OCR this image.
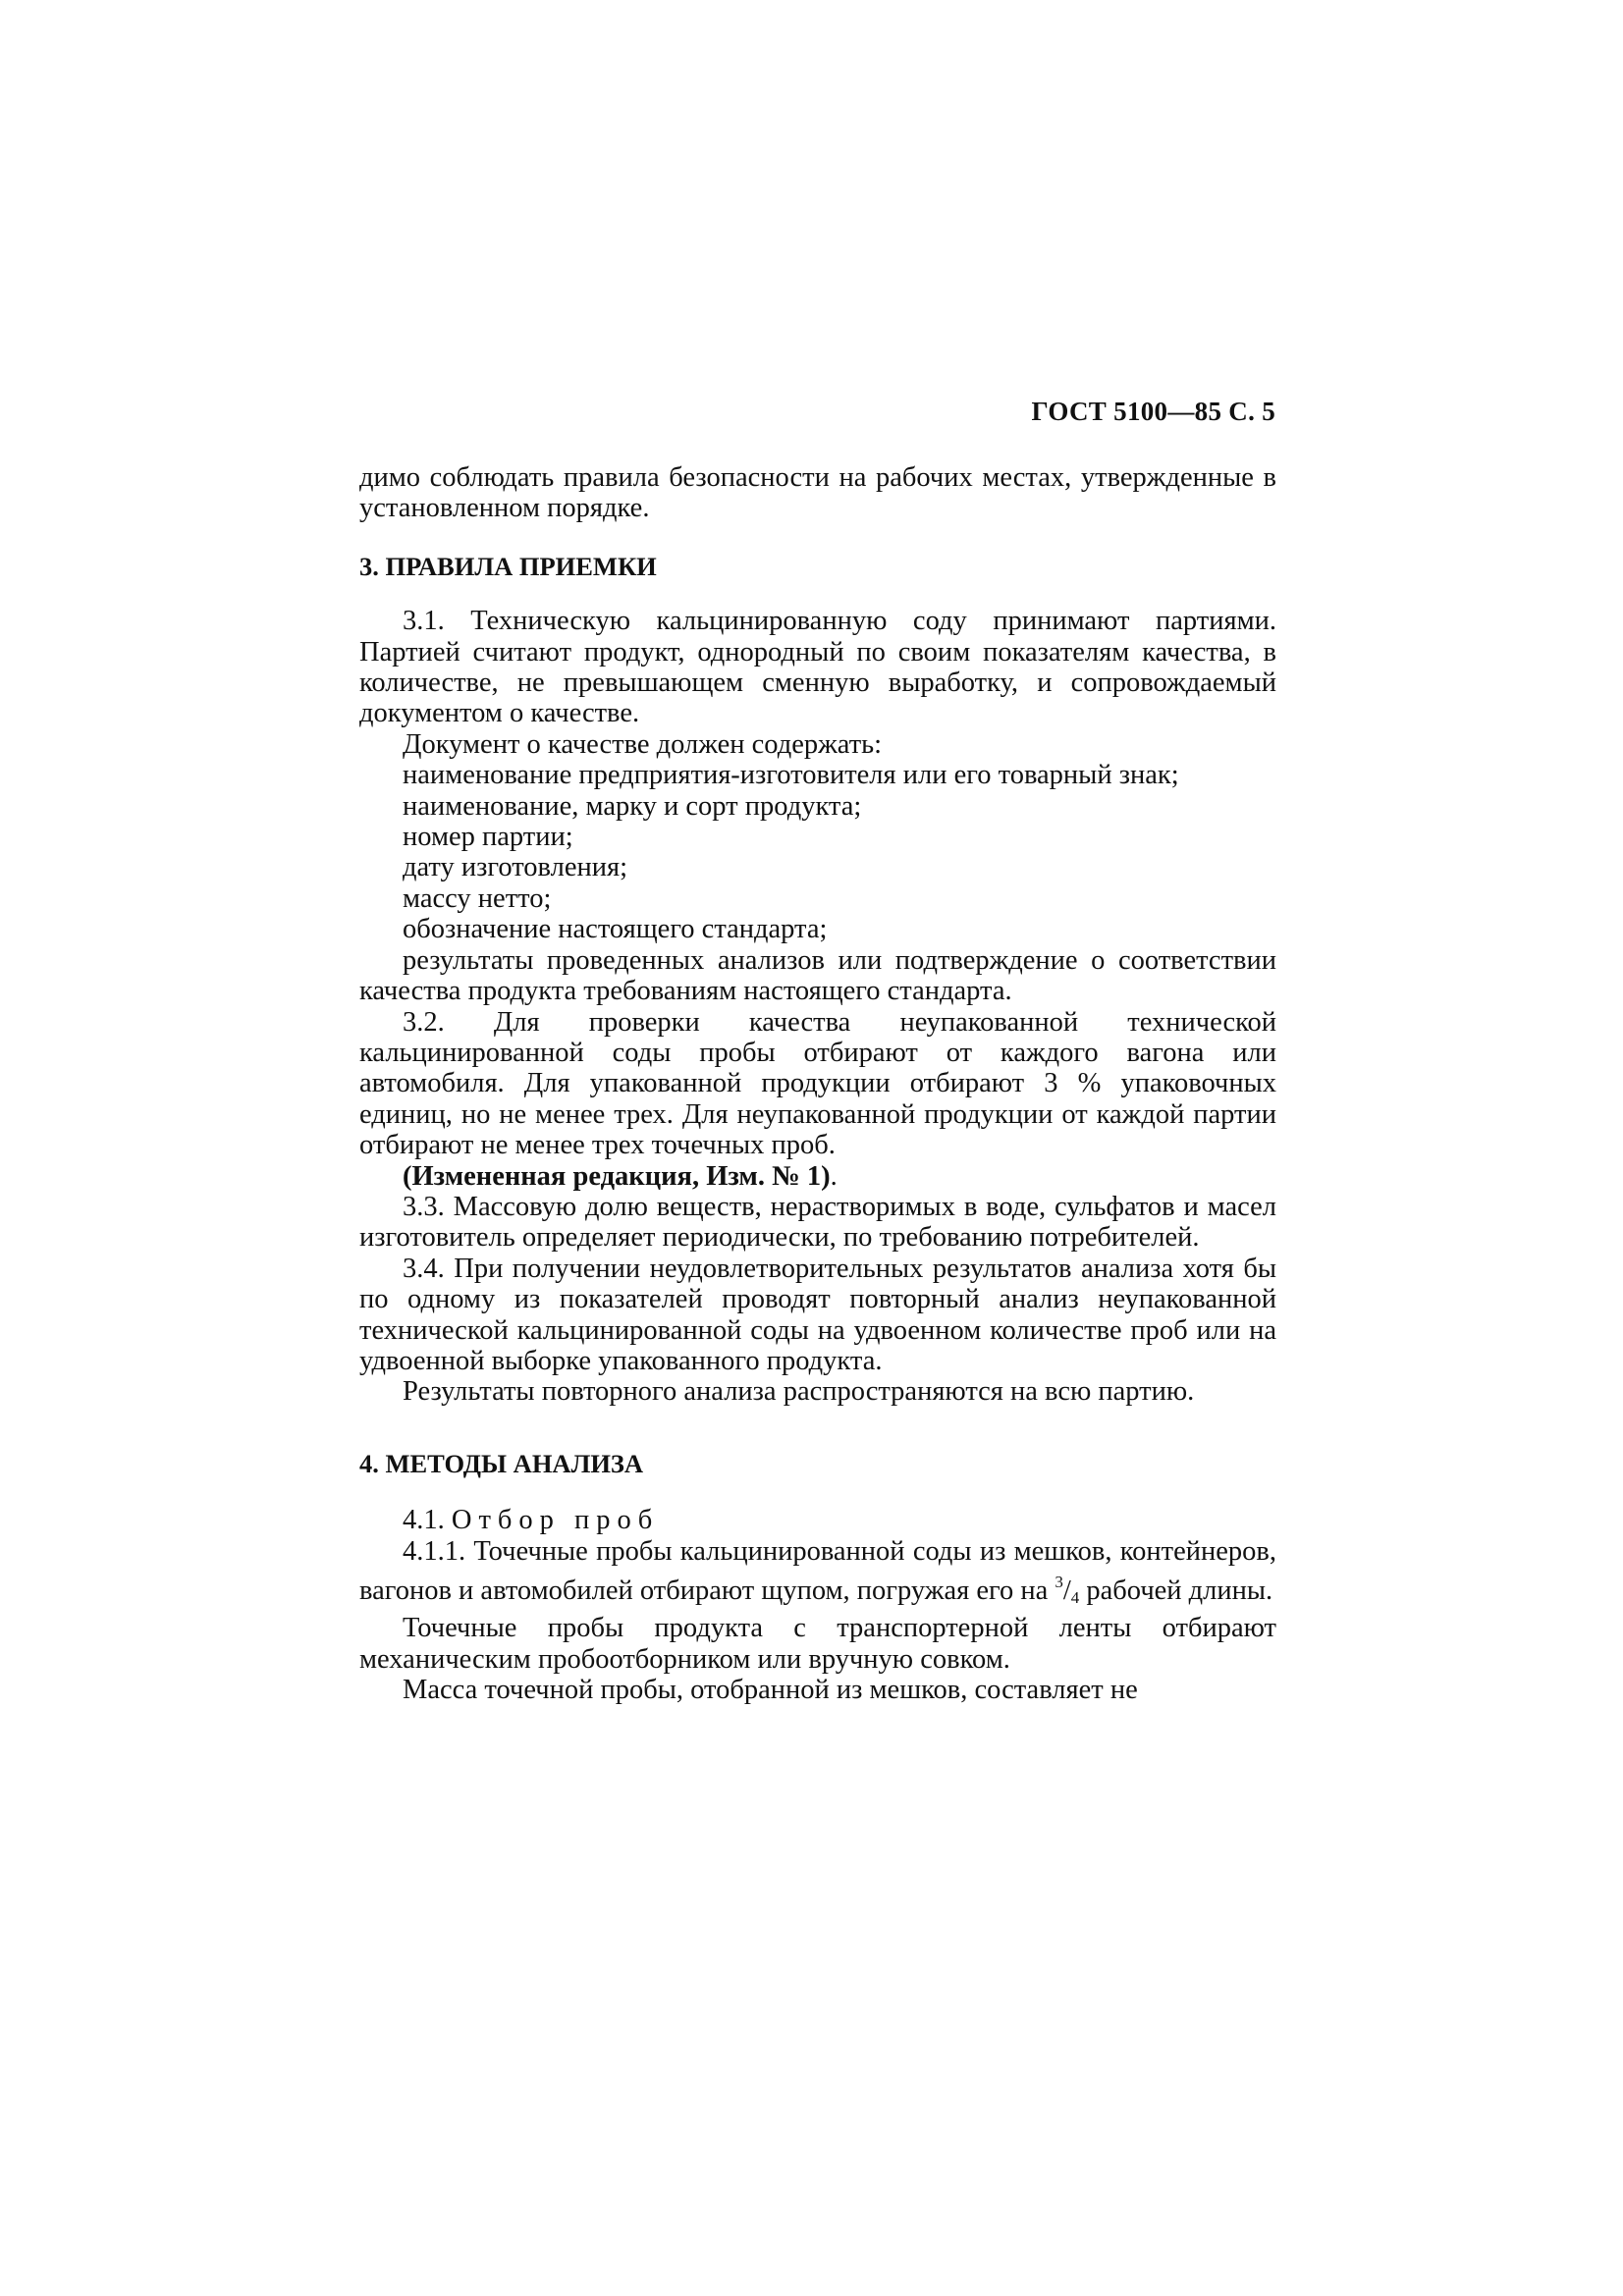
ГОСТ 5100—85 С. 5

димо соблюдать правила безопасности на рабочих местах, утвержденные в установленном порядке.

3. ПРАВИЛА ПРИЕМКИ

3.1. Техническую кальцинированную соду принимают партиями. Партией считают продукт, однородный по своим показателям качества, в количестве, не превышающем сменную выработку, и сопровождаемый документом о качестве.

Документ о качестве должен содержать:

наименование предприятия-изготовителя или его товарный знак;

наименование, марку и сорт продукта;

номер партии;

дату изготовления;

массу нетто;

обозначение настоящего стандарта;

результаты проведенных анализов или подтверждение о соответствии качества продукта требованиям настоящего стандарта.

3.2. Для проверки качества неупакованной технической кальцинированной соды пробы отбирают от каждого вагона или автомобиля. Для упакованной продукции отбирают 3 % упаковочных единиц, но не менее трех. Для неупакованной продукции от каждой партии отбирают не менее трех точечных проб.

(Измененная редакция, Изм. № 1).

3.3. Массовую долю веществ, нерастворимых в воде, сульфатов и масел изготовитель определяет периодически, по требованию потребителей.

3.4. При получении неудовлетворительных результатов анализа хотя бы по одному из показателей проводят повторный анализ неупакованной технической кальцинированной соды на удвоенном количестве проб или на удвоенной выборке упакованного продукта.

Результаты повторного анализа распространяются на всю партию.

4. МЕТОДЫ АНАЛИЗА

4.1. Отбор проб

4.1.1. Точечные пробы кальцинированной соды из мешков, контейнеров, вагонов и автомобилей отбирают щупом, погружая его на $^3/_4$ рабочей длины.

Точечные пробы продукта с транспортерной ленты отбирают механическим пробоотборником или вручную совком.

Масса точечной пробы, отобранной из мешков, составляет не
